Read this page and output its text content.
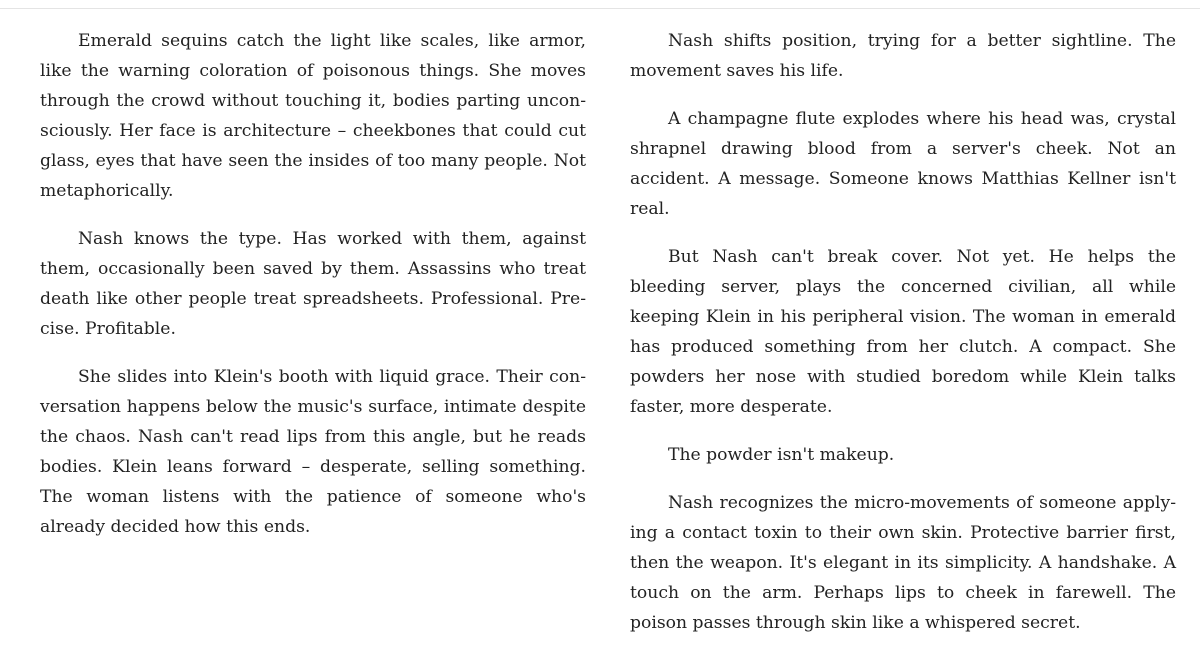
Emerald sequins catch the light like scales, like armor, like the warning coloration of poisonous things. She moves through the crowd without touching it, bodies parting unconsciously. Her face is architecture – cheekbones that could cut glass, eyes that have seen the insides of too many people. Not metaphorically.

Nash knows the type. Has worked with them, against them, occasionally been saved by them. Assassins who treat death like other people treat spreadsheets. Professional. Precise. Profitable.

She slides into Klein's booth with liquid grace. Their conversation happens below the music's surface, intimate despite the chaos. Nash can't read lips from this angle, but he reads bodies. Klein leans forward – desperate, selling something. The woman listens with the patience of someone who's already decided how this ends.

Nash shifts position, trying for a better sightline. The movement saves his life.

A champagne flute explodes where his head was, crystal shrapnel drawing blood from a server's cheek. Not an accident. A message. Someone knows Matthias Kellner isn't real.

But Nash can't break cover. Not yet. He helps the bleeding server, plays the concerned civilian, all while keeping Klein in his peripheral vision. The woman in emerald has produced something from her clutch. A compact. She powders her nose with studied boredom while Klein talks faster, more desperate.

The powder isn't makeup.

Nash recognizes the micro-movements of someone applying a contact toxin to their own skin. Protective barrier first, then the weapon. It's elegant in its simplicity. A handshake. A touch on the arm. Perhaps lips to cheek in farewell. The poison passes through skin like a whispered secret.
